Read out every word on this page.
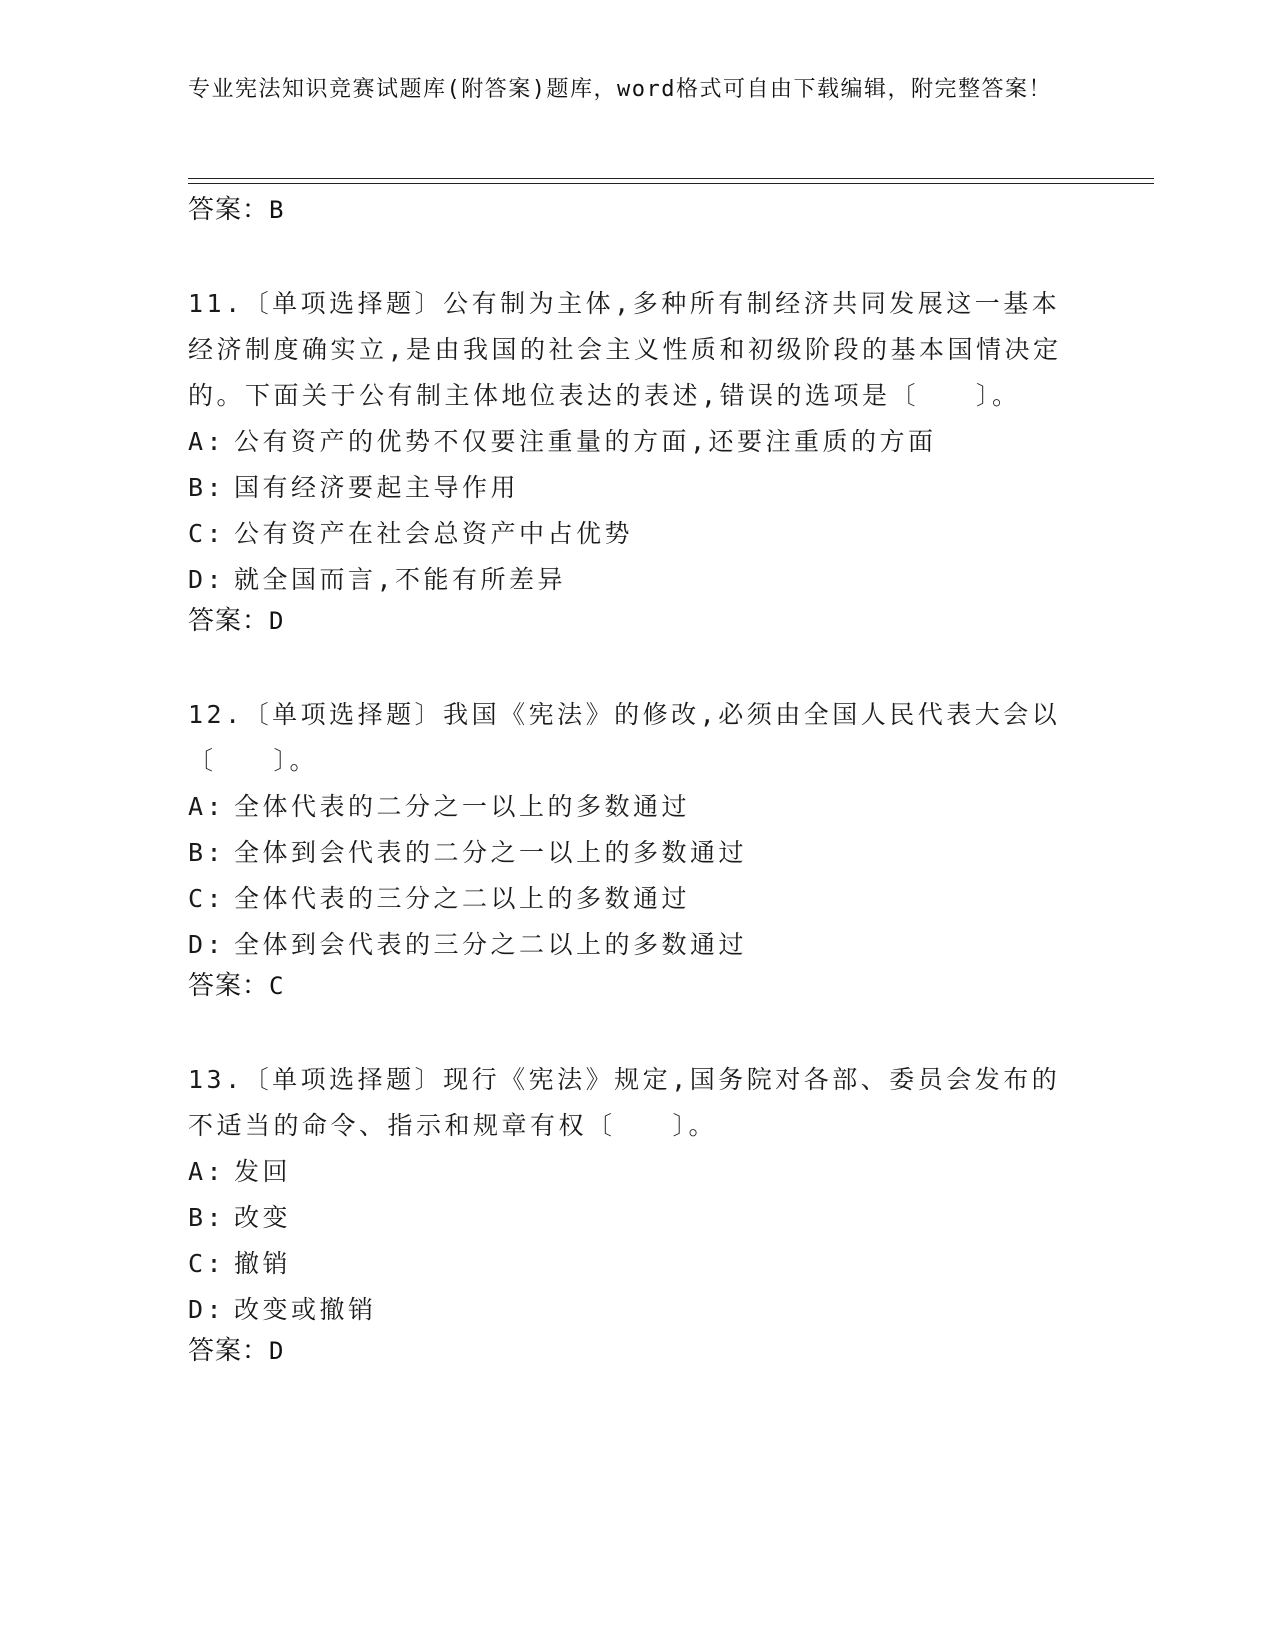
专业宪法知识竞赛试题库(附答案)题库，word格式可自由下载编辑，附完整答案！
答案：B
11.〔单项选择题〕公有制为主体,多种所有制经济共同发展这一基本经济制度确实立,是由我国的社会主义性质和初级阶段的基本国情决定的。下面关于公有制主体地位表达的表述,错误的选项是〔　　〕。
A: 公有资产的优势不仅要注重量的方面,还要注重质的方面
B: 国有经济要起主导作用
C: 公有资产在社会总资产中占优势
D: 就全国而言,不能有所差异
答案：D
12.〔单项选择题〕我国《宪法》的修改,必须由全国人民代表大会以〔　　〕。
A: 全体代表的二分之一以上的多数通过
B: 全体到会代表的二分之一以上的多数通过
C: 全体代表的三分之二以上的多数通过
D: 全体到会代表的三分之二以上的多数通过
答案：C
13.〔单项选择题〕现行《宪法》规定,国务院对各部、委员会发布的不适当的命令、指示和规章有权〔　　〕。
A: 发回
B: 改变
C: 撤销
D: 改变或撤销
答案：D
